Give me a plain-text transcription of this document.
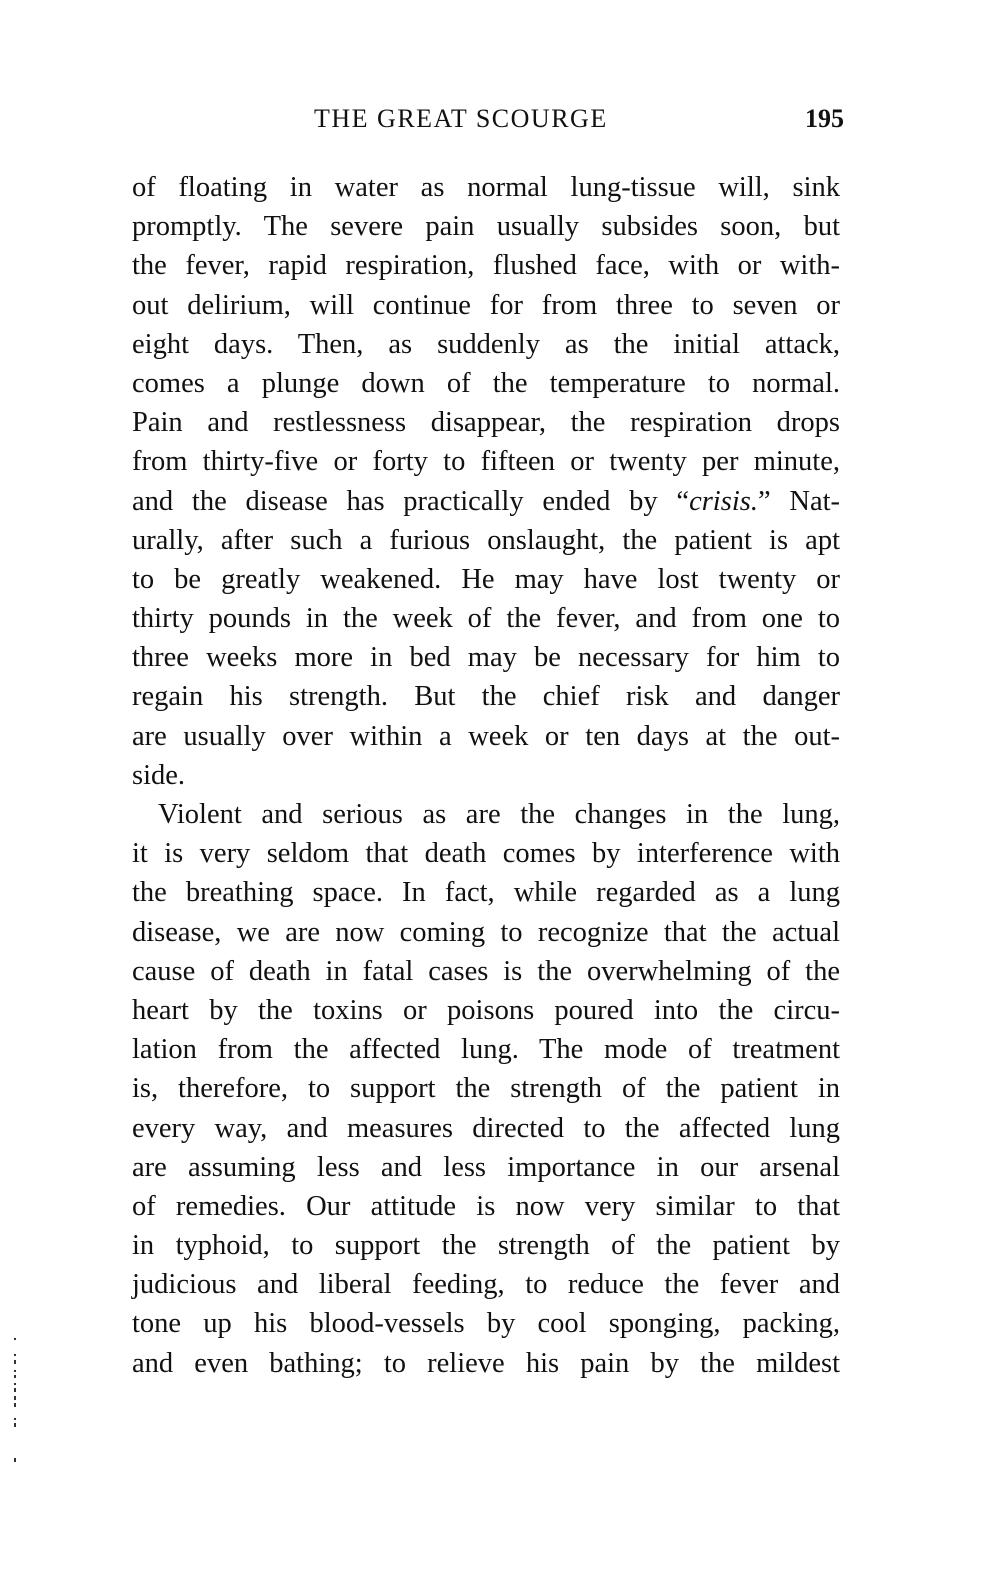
THE GREAT SCOURGE	195
of floating in water as normal lung-tissue will, sink
promptly. The severe pain usually subsides soon, but
the fever, rapid respiration, flushed face, with or with-
out delirium, will continue for from three to seven or
eight days. Then, as suddenly as the initial attack,
comes a plunge down of the temperature to normal.
Pain and restlessness disappear, the respiration drops
from thirty-five or forty to fifteen or twenty per minute,
and the disease has practically ended by “crisis.” Nat-
urally, after such a furious onslaught, the patient is apt
to be greatly weakened. He may have lost twenty or
thirty pounds in the week of the fever, and from one to
three weeks more in bed may be necessary for him to
regain his strength. But the chief risk and danger
are usually over within a week or ten days at the out-
side.
Violent and serious as are the changes in the lung,
it is very seldom that death comes by interference with
the breathing space. In fact, while regarded as a lung
disease, we are now coming to recognize that the actual
cause of death in fatal cases is the overwhelming of the
heart by the toxins or poisons poured into the circu-
lation from the affected lung. The mode of treatment
is, therefore, to support the strength of the patient in
every way, and measures directed to the affected lung
are assuming less and less importance in our arsenal
of remedies. Our attitude is now very similar to that
in typhoid, to support the strength of the patient by
judicious and liberal feeding, to reduce the fever and
tone up his blood-vessels by cool sponging, packing,
and even bathing; to relieve his pain by the mildest
